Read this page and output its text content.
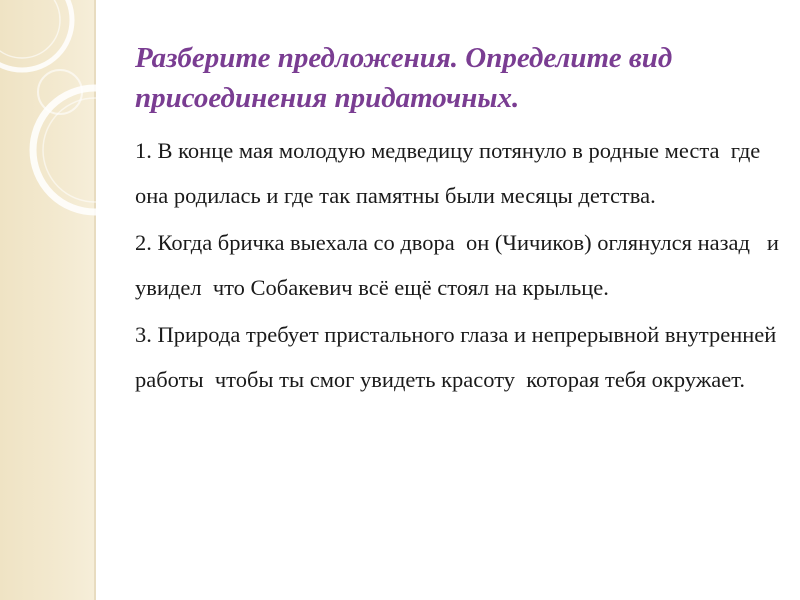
Разберите предложения. Определите вид присоединения придаточных.
1. В конце мая молодую медведицу потянуло в родные места  где она родилась и где так памятны были месяцы детства.
2. Когда бричка выехала со двора  он (Чичиков) оглянулся назад   и   увидел  что Собакевич всё ещё стоял на крыльце.
3. Природа требует пристального глаза и непрерывной внутренней работы  чтобы ты смог увидеть красоту  которая тебя окружает.
